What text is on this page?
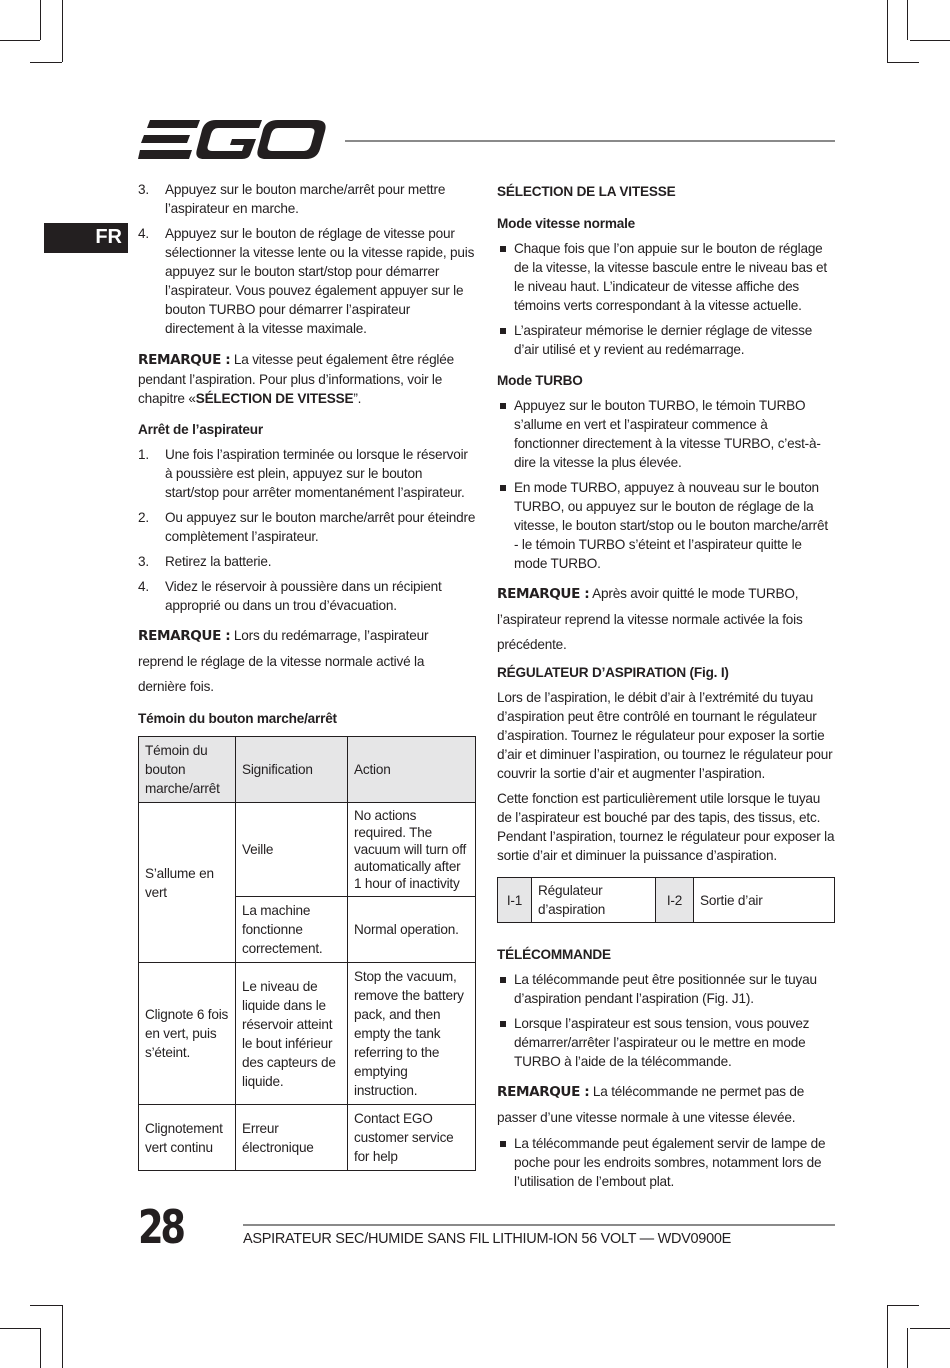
FR
3. Appuyez sur le bouton marche/arrêt pour mettre l’aspirateur en marche.
4. Appuyez sur le bouton de réglage de vitesse pour sélectionner la vitesse lente ou la vitesse rapide, puis appuyez sur le bouton start/stop pour démarrer l’aspirateur. Vous pouvez également appuyer sur le bouton TURBO pour démarrer l’aspirateur directement à la vitesse maximale.
REMARQUE : La vitesse peut également être réglée pendant l’aspiration. Pour plus d’informations, voir le chapitre «SÉLECTION DE VITESSE”.
Arrêt de l’aspirateur
1. Une fois l’aspiration terminée ou lorsque le réservoir à poussière est plein, appuyez sur le bouton start/stop pour arrêter momentanément l’aspirateur.
2. Ou appuyez sur le bouton marche/arrêt pour éteindre complètement l’aspirateur.
3. Retirez la batterie.
4. Videz le réservoir à poussière dans un récipient approprié ou dans un trou d’évacuation.
REMARQUE : Lors du redémarrage, l’aspirateur reprend le réglage de la vitesse normale activé la dernière fois.
Témoin du bouton marche/arrêt
Témoin du bouton marche/arrêt	Signification	Action
S’allume en vert	Veille	No actions required. The vacuum will turn off automatically after 1 hour of inactivity
	La machine fonctionne correctement.	Normal operation.
Clignote 6 fois en vert, puis s’éteint.	Le niveau de liquide dans le réservoir atteint le bout inférieur des capteurs de liquide.	Stop the vacuum, remove the battery pack, and then empty the tank referring to the emptying instruction.
Clignotement vert continu	Erreur électronique	Contact EGO customer service for help
SÉLECTION DE LA VITESSE
Mode vitesse normale
Chaque fois que l’on appuie sur le bouton de réglage de la vitesse, la vitesse bascule entre le niveau bas et le niveau haut. L’indicateur de vitesse affiche des témoins verts correspondant à la vitesse actuelle.
L’aspirateur mémorise le dernier réglage de vitesse d’air utilisé et y revient au redémarrage.
Mode TURBO
Appuyez sur le bouton TURBO, le témoin TURBO s’allume en vert et l’aspirateur commence à fonctionner directement à la vitesse TURBO, c’est-à-dire la vitesse la plus élevée.
En mode TURBO, appuyez à nouveau sur le bouton TURBO, ou appuyez sur le bouton de réglage de la vitesse, le bouton start/stop ou le bouton marche/arrêt - le témoin TURBO s’éteint et l’aspirateur quitte le mode TURBO.
REMARQUE : Après avoir quitté le mode TURBO, l’aspirateur reprend la vitesse normale activée la fois précédente.
RÉGULATEUR D’ASPIRATION (Fig. I)
Lors de l’aspiration, le débit d’air à l’extrémité du tuyau d’aspiration peut être contrôlé en tournant le régulateur d’aspiration. Tournez le régulateur pour exposer la sortie d’air et diminuer l’aspiration, ou tournez le régulateur pour couvrir la sortie d’air et augmenter l’aspiration.
Cette fonction est particulièrement utile lorsque le tuyau de l’aspirateur est bouché par des tapis, des tissus, etc. Pendant l’aspiration, tournez le régulateur pour exposer la sortie d’air et diminuer la puissance d’aspiration.
I-1	Régulateur d’aspiration	I-2	Sortie d’air
TÉLÉCOMMANDE
La télécommande peut être positionnée sur le tuyau d’aspiration pendant l’aspiration (Fig. J1).
Lorsque l’aspirateur est sous tension, vous pouvez démarrer/arrêter l’aspirateur ou le mettre en mode TURBO à l’aide de la télécommande.
REMARQUE : La télécommande ne permet pas de passer d’une vitesse normale à une vitesse élevée.
La télécommande peut également servir de lampe de poche pour les endroits sombres, notamment lors de l’utilisation de l’embout plat.
28	ASPIRATEUR SEC/HUMIDE SANS FIL LITHIUM-ION 56 VOLT — WDV0900E
